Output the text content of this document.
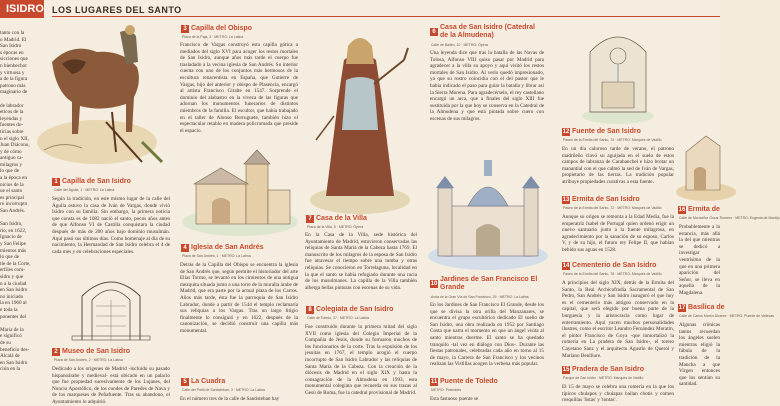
ISIDRO LOS LUGARES DEL SANTO
tanto con la
o Madrid. El
San Isidro
s épocas en
sicciones que
n bienhechor
y virtuosa y
a de la figura
patrono más
maginario de

de labrador
eticos de la
leyendas y
fuentes do-
ticias sobre
n el siglo XII,
Juan Diácono,
y de cómo
antiguo ca-
milagros y
lo que de
a la época en
nicios de la
ue el santo
es principal
ro incorrupto
San Andrés.

San Isidro,
rio, en 1622,
Ignacio de
y San Felipe
mientos más
lo que de
tle de la Corte,
erfiles com-
sidro y que
n a la ciudad
en San Isidro
no iniciado
la en 1960 al
e toda la
ponentes del

Maria de la
e significó
de su
beneficio des-
Alcalá de
en San Isidro
ción en la
1 Capilla de San Isidro
Calle del Águila, 1 · METRO: La Latina
Según la tradición, en este mismo lugar de la calle del Águila estuvo la casa de Iván de Vargas, donde vivió Isidro con su familia. Sin embargo, la primera noticia que consta es de 1082 nació el santo, pocos años antes de que Alfonso VI de Castilla conquistara la ciudad después de más de 200 años bajo dominio musulmán. Aquí pasó sus últimos días. Como homenaje al día de su nacimiento, la Hermandad de San Isidro celebra el 4 de cada mes y en celebraciones especiales.
2 Museo de San Isidro
Plaza de San Andrés, 2 · METRO: La Latina
Dedicado a los orígenes de Madrid -incluido su pasado hispanoárabe y medieval- está ubicado en un palacio que fue propiedad sucesivamente de los Lujanes, del Nuncio Apostólico, de los condes de Paredes de Nava y de los marqueses de Peñafuente. Tras su abandono, el Ayuntamiento lo adquirió.
3 Capilla del Obispo
Plaza de la Paja, 3 · METRO: La Latina
Francisco de Vargas construyó esta capilla gótica a mediados del siglo XVI para acoger los restos mortales de San Isidro, aunque años más tarde el cuerpo fue trasladado a la vecina iglesia de San Andrés. Su interior cuenta con uno de los conjuntos más hermosos de la escultura renacentista en España, que Gutierre de Vargas, hijo del anterior y obispo de Plasencia, encargó al artista Francisco Giralte en 1547. Sorprende el dominio del alabastro en la viveza de las figuras que adornan los monumentos funerarios de distintos miembros de la familia. El escultor, que había trabajado en el taller de Alonso Berruguete, también hizo el espectacular retablo en madera policromada que preside el espacio.
4 Iglesia de San Andrés
Plaza de San Andrés, 1 · METRO: La Latina
Detrás de la Capilla del Obispo se encuentra la iglesia de San Andrés que, según permite el historiador del arte Elías Tormo, se levantó en los cimientos de una antigua mezquita situada junto a una torre de la muralla árabe de Madrid, que era parte por la actual plaza de los Carros. Años más tarde, ésta fue la parroquia de San Isidro Labrador, donde a partir de 1544 el templo reclamaría sus reliquias a los Vargas. Tras un largo litigio finalmente lo consiguió y en 1622, después de la canonización, se decidió construir una capilla más monumental.
5 La Cuadra
Calle del Pretil de Santisteban, 3 · METRO: La Latina
En el número tres de la calle de Santisteban hay
7 Casa de la Villa
Plaza de la Villa, 5 · METRO: Ópera
En la Casa de la Villa, sede histórica del Ayuntamiento de Madrid, estuvieron conservadas las reliquias de Santa María de la Cabeza hasta 1769. El manuscrito de los milagros de la esposa de San Isidro fue atravesar el tiempo sobre una tumba y otras reliquias. Se conocieron en Torrelaguna, localidad en la que el santo se había refugiado durante una racia de los musulmanes. La capilla de la Villa también alberga bellas pinturas con escenas de su vida.
8 Colegiata de San Isidro
Calle de Toledo, 37 · METRO: La Latina
Fue construido durante la primera mitad del siglo XVII como iglesia del Colegio Imperial de la Compañía de Jesús, donde su formaron muchos de los funcionarios de la corte. Tras la expulsión de los jesuitas en 1767, el templo acogió el cuerpo incorrupto de San Isidro Labrador y las reliquias de Santa María de la Cabeza. Con la creación de la diócesis de Madrid en el siglo XIX y hasta la consagración de la Almudena en 1993, esta monumental colegiata que recuerda en sus trazas al Gesù de Roma, fue la catedral provisional de Madrid.
6
Casa de San Isidro (Catedral de la Almudena)
Calle de Bailén, 10 · METRO: Ópera
Una leyenda dice que tras la batalla de las Navas de Tolosa, Alfonso VIII quiso pasar por Madrid para agradecer a la villa su apoyo y aquí visitó los restos mortales de San Isidro. Al verlo quedó impresionado, ya que su rostro coincidía con el del pastor que le había indicado el paso para guiar la batalla y librar así la Sierra Morena. Para agradecérselo, el rey castellano encargó un arca, que a finales del siglo XIII fue sustituida por la que hoy se conserva en la Catedral de la Almudena y que está pintada sobre cuero con escenas de sus milagros.
10
Jardines de San Francisco El Grande
Avda de la Gran Vía de San Francisco, 29 · METRO: La Latina
En los Jardines de San Francisco El Grande, desde los que se divisa la otra orilla del Manzanares, se encuentra el grupo escultórico dedicado El sueño de San Isidro, una obra realizada en 1952 por Santiago Costa que narra el momento en que un ángel visita al santo mientras duerme. El santo se ha quedado tranquilo -tal vez en diálogo con Dios-. Durante las fiestas patronales, celebradas cada año en torno al 15 de mayo, la Carrera de San Francisco y los vecinos realizan las Vistillas acogen la verbena más popular.
11 Puente de Toledo
METRO: Pirámides
Esta fastuoso puente se
12 Fuente de San Isidro
Paseo de la Ermita del Santo, 74 · METRO: Marqués de Vadillo
En un día caluroso tarde de verano, el patrono madrileño clavó su aguijada en el suelo de estos campos de labranza de Carabanchel e hizo brotar un manantial con el que calmó la sed de Iván de Vargas, propietario de las tierras. La tradición popular atribuye propiedades curativas a esta fuente.
13 Ermita de San Isidro
Paseo de la Ermita del Santo, 72 · METRO: Marqués de Vadillo
Aunque su origen se remonta a la Edad Media, fue la emperatriz Isabel de Portugal quien ordenó erigir un nuevo santuario junto a la fuente milagrosa, en agradecimiento por la sanación de su esposo, Carlos V, y de su hijo, el futuro rey Felipe II, que habían bebido sus aguas en 1528.
14 Cementerio de San Isidro
Paseo de la Ermita del Santo, 78 · METRO: Marqués de Vadillo
A principios del siglo XIX, detrás de la Ermita del Santo, la Real Archicofradía Sacramental de San Pedro, San Andrés y San Isidro inauguró el que hoy es el cementerio más antiguo conservado en la capital, que será elegido por buena parte de la burguesía y la aristocracia como lugar de enterramiento. Aquí yacen muchos personalidades ilustres, como el escritor Leandro Fernández Moratín, el pintor Francisco de Goya -que inmortalizó la romería en La pradera de San Isidro-, el torero Cayetano Sanz y el arquitecto Agustín de Querol y Mariano Benlliure.
15 Pradera de San Isidro
Parque de San Isidro · METRO: Marqués de Vadillo
El 15 de mayo se celebra una romería en la que los típicos chulapos y chulapas bailan chotis y comen rosquillas 'listas' y 'tontas'.
16 Ermita de
Calle de Monseñor Óscar Romero · METRO: Eugenia de Montijo
Probablemente a la estancia, más allá la del que mientras se dedicó a investigar ventrísimo de la que en una primera aparición del Señor, se lleva en aquella de la Magdalena.
17 Basílica de
Calle de Carlos Martín Álvarez · METRO: Puente de Vallecas
Algunas crónicas tantos recuerdan los ángeles suelen mientras eligió la fábula de la tradición de la Mancha a que Virgen entonces que los sentían su santidad.
